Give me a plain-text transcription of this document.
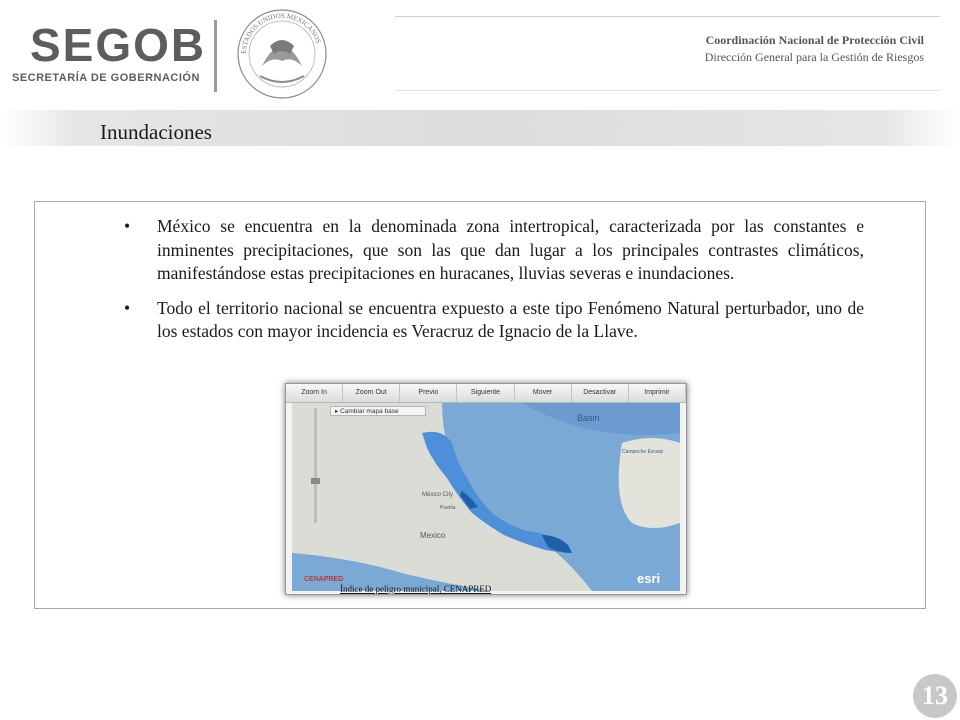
SEGOB
SECRETARÍA DE GOBERNACIÓN
ESTADOS UNIDOS MEXICANOS	Coordinación Nacional de Protección Civil
Dirección General para la Gestión de Riesgos
Inundaciones
• México se encuentra en la denominada zona intertropical, caracterizada por las constantes e inminentes precipitaciones, que son las que dan lugar a los principales contrastes climáticos, manifestándose estas precipitaciones en huracanes, lluvias severas e inundaciones.
• Todo el territorio nacional se encuentra expuesto a este tipo Fenómeno Natural perturbador, uno de los estados con mayor incidencia es Veracruz de Ignacio de la Llave.
Zoom In	Zoom Out	Previo	Siguiente	Mover	Desactivar	Imprimir
Basin
Campeche Escarp
México City
Puebla
Mexico
CENAPRED	esri
▸ Cambiar mapa base
Índice de peligro municipal, CENAPRED
13
